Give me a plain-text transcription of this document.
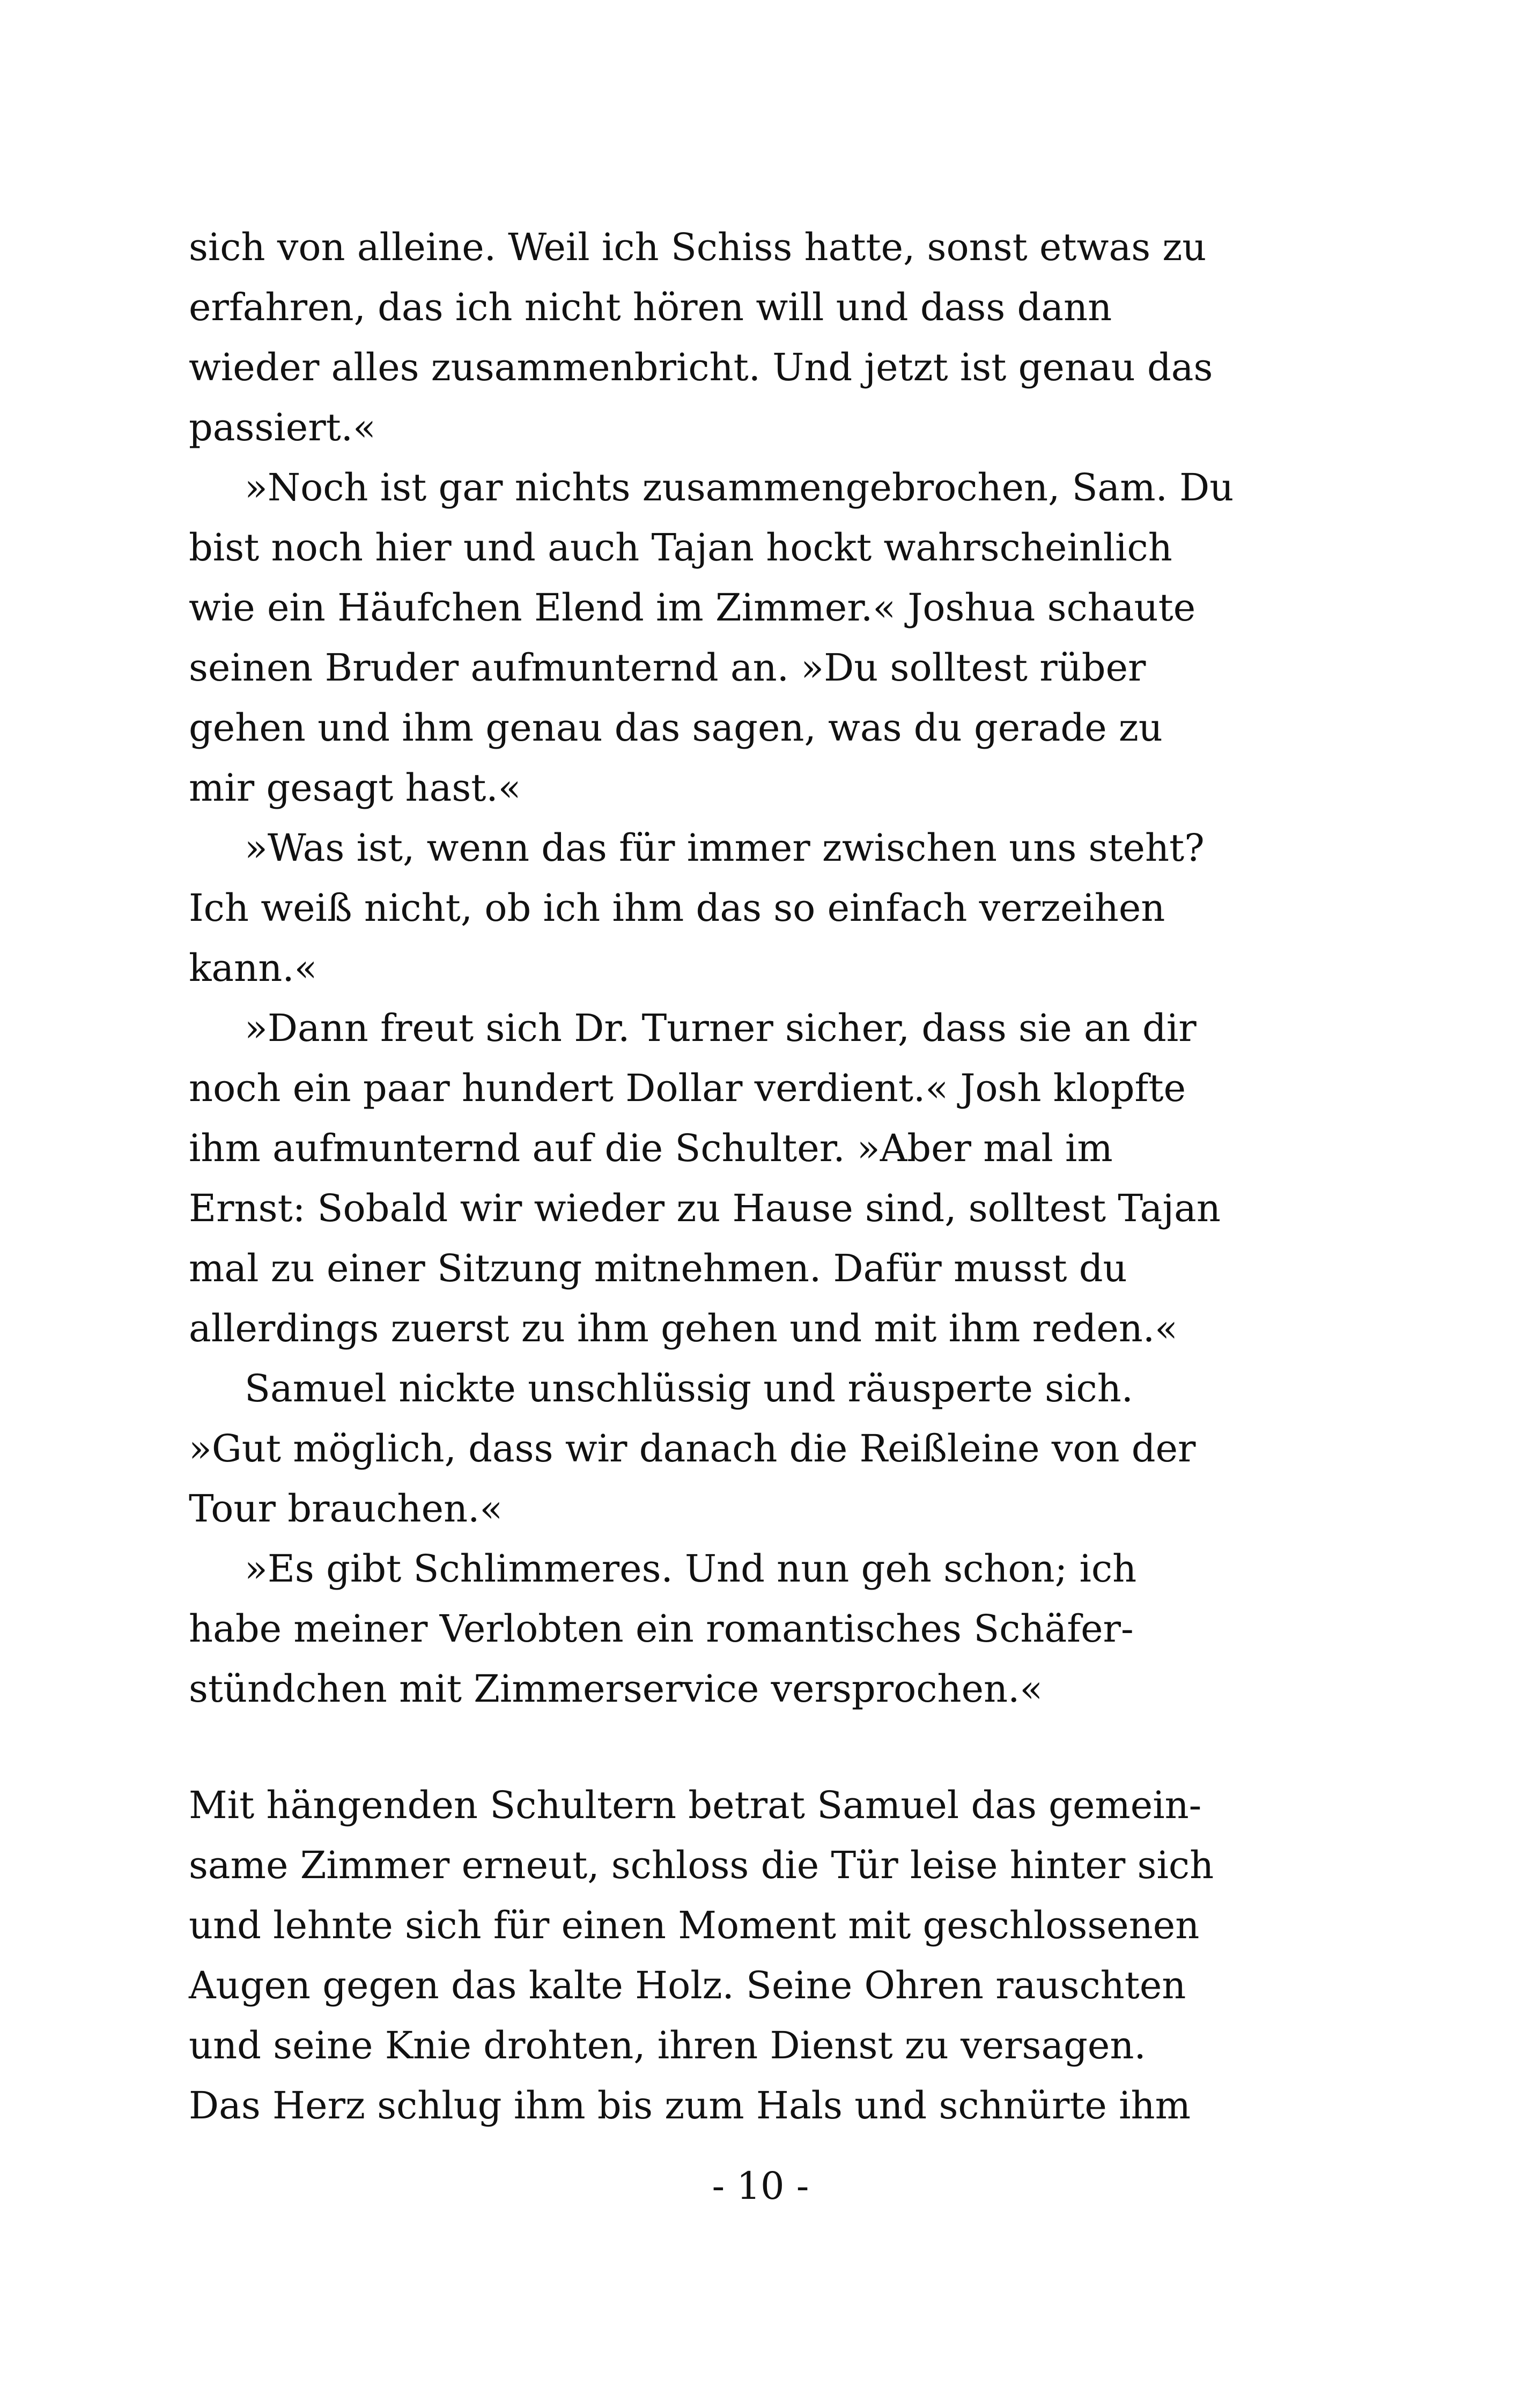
sich von alleine. Weil ich Schiss hatte, sonst etwas zu
erfahren, das ich nicht hören will und dass dann
wieder alles zusammenbricht. Und jetzt ist genau das
passiert.«
»Noch ist gar nichts zusammengebrochen, Sam. Du
bist noch hier und auch Tajan hockt wahrscheinlich
wie ein Häufchen Elend im Zimmer.« Joshua schaute
seinen Bruder aufmunternd an. »Du solltest rüber
gehen und ihm genau das sagen, was du gerade zu
mir gesagt hast.«
»Was ist, wenn das für immer zwischen uns steht?
Ich weiß nicht, ob ich ihm das so einfach verzeihen
kann.«
»Dann freut sich Dr. Turner sicher, dass sie an dir
noch ein paar hundert Dollar verdient.« Josh klopfte
ihm aufmunternd auf die Schulter. »Aber mal im
Ernst: Sobald wir wieder zu Hause sind, solltest Tajan
mal zu einer Sitzung mitnehmen. Dafür musst du
allerdings zuerst zu ihm gehen und mit ihm reden.«
Samuel nickte unschlüssig und räusperte sich.
»Gut möglich, dass wir danach die Reißleine von der
Tour brauchen.«
»Es gibt Schlimmeres. Und nun geh schon; ich
habe meiner Verlobten ein romantisches Schäfer-
stündchen mit Zimmerservice versprochen.«
Mit hängenden Schultern betrat Samuel das gemein-
same Zimmer erneut, schloss die Tür leise hinter sich
und lehnte sich für einen Moment mit geschlossenen
Augen gegen das kalte Holz. Seine Ohren rauschten
und seine Knie drohten, ihren Dienst zu versagen.
Das Herz schlug ihm bis zum Hals und schnürte ihm
- 10 -
